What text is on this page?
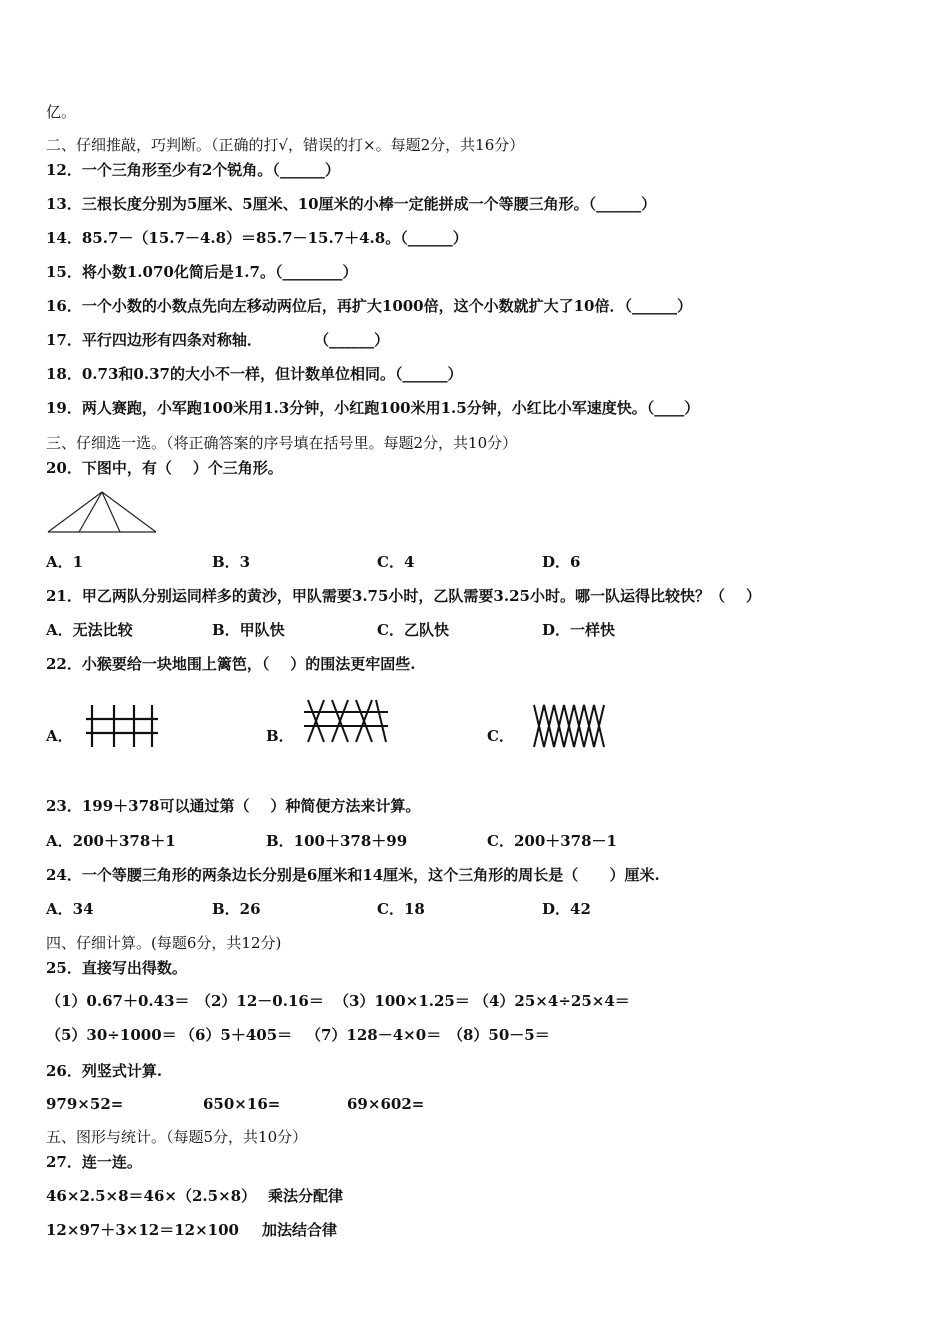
亿。
二、仔细推敲，巧判断。（正确的打√，错误的打×。每题2分，共16分）
12．一个三角形至少有2个锐角。（______）
13．三根长度分别为5厘米、5厘米、10厘米的小棒一定能拼成一个等腰三角形。（______）
14．85.7－（15.7－4.8）＝85.7－15.7＋4.8。（______）
15．将小数1.070化简后是1.7。（________）
16．一个小数的小数点先向左移动两位后，再扩大1000倍，这个小数就扩大了10倍．（______）
17．平行四边形有四条对称轴．          （______）
18．0.73和0.37的大小不一样，但计数单位相同。（______）
19．两人赛跑，小军跑100米用1.3分钟，小红跑100米用1.5分钟，小红比小军速度快。（____）
三、仔细选一选。（将正确答案的序号填在括号里。每题2分，共10分）
20．下图中，有（    ）个三角形。
A．1	B．3	C．4	D．6
21．甲乙两队分别运同样多的黄沙，甲队需要3.75小时，乙队需要3.25小时。哪一队运得比较快？（    ）
A．无法比较	B．甲队快	C．乙队快	D．一样快
22．小猴要给一块地围上篱笆，（    ）的围法更牢固些.
A．	B．	C．
23．199＋378可以通过第（    ）种简便方法来计算。
A．200＋378＋1	B．100＋378＋99	C．200＋378－1
24．一个等腰三角形的两条边长分别是6厘米和14厘米，这个三角形的周长是（      ）厘米.
A．34	B．26	C．18	D．42
四、仔细计算。(每题6分，共12分)
25．直接写出得数。
（1）0.67＋0.43＝ （2）12－0.16＝ （3）100×1.25＝ （4）25×4÷25×4＝
（5）30÷1000＝ （6）5＋405＝ （7）128－4×0＝ （8）50－5＝
26．列竖式计算.
979×52=	650×16=	69×602=
五、图形与统计。（每题5分，共10分）
27．连一连。
46×2.5×8＝46×（2.5×8） 乘法分配律
12×97＋3×12＝12×100 加法结合律
